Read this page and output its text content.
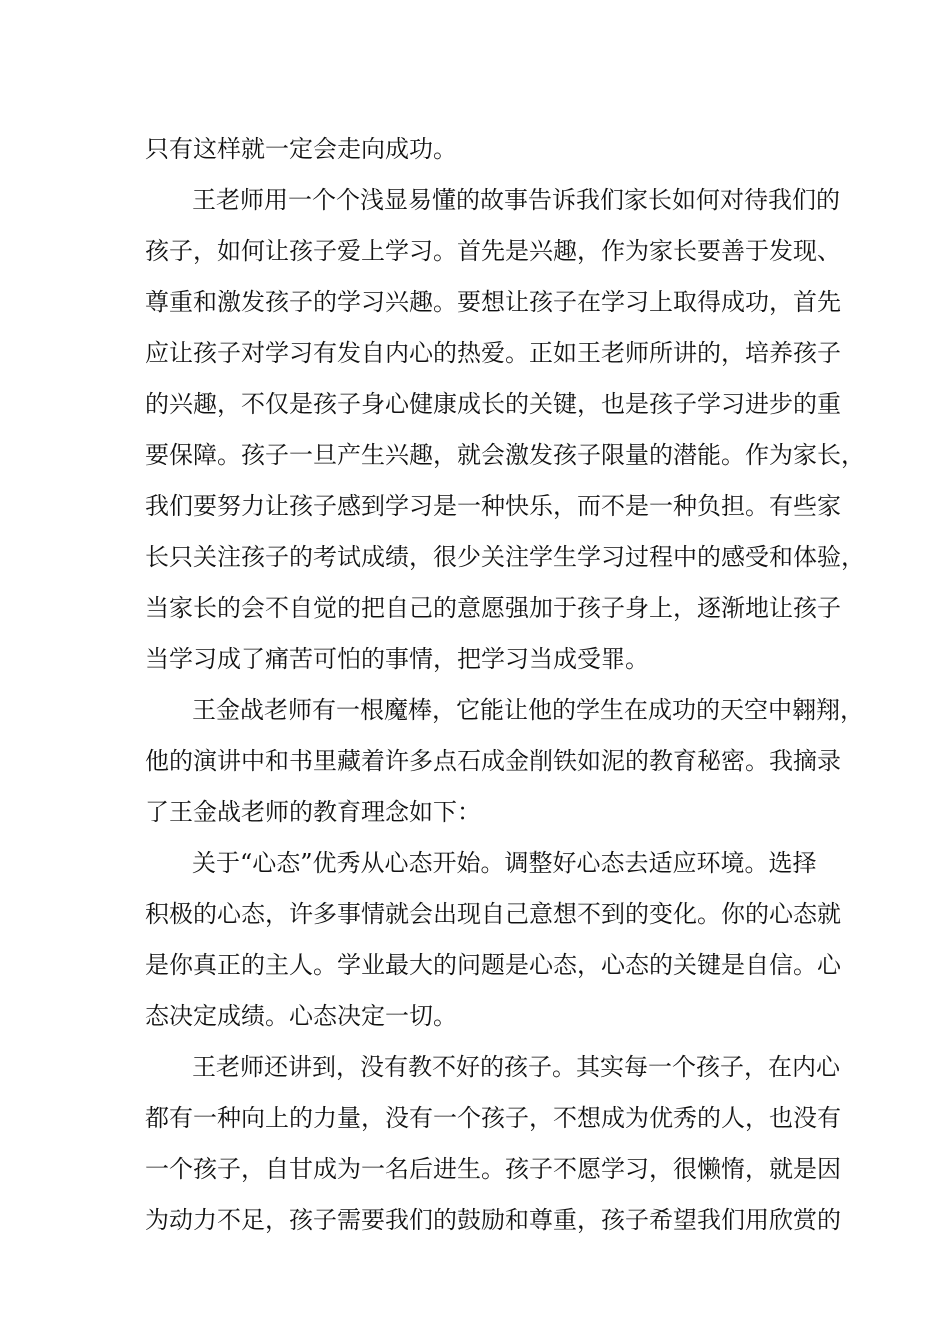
只有这样就一定会走向成功。
王老师用一个个浅显易懂的故事告诉我们家长如何对待我们的
孩子，如何让孩子爱上学习。首先是兴趣，作为家长要善于发现、
尊重和激发孩子的学习兴趣。要想让孩子在学习上取得成功，首先
应让孩子对学习有发自内心的热爱。正如王老师所讲的，培养孩子
的兴趣，不仅是孩子身心健康成长的关键，也是孩子学习进步的重
要保障。孩子一旦产生兴趣，就会激发孩子限量的潜能。作为家长，
我们要努力让孩子感到学习是一种快乐，而不是一种负担。有些家
长只关注孩子的考试成绩，很少关注学生学习过程中的感受和体验，
当家长的会不自觉的把自己的意愿强加于孩子身上，逐渐地让孩子
当学习成了痛苦可怕的事情，把学习当成受罪。
王金战老师有一根魔棒，它能让他的学生在成功的天空中翱翔，
他的演讲中和书里藏着许多点石成金削铁如泥的教育秘密。我摘录
了王金战老师的教育理念如下：
关于“心态”优秀从心态开始。调整好心态去适应环境。选择
积极的心态，许多事情就会出现自己意想不到的变化。你的心态就
是你真正的主人。学业最大的问题是心态，心态的关键是自信。心
态决定成绩。心态决定一切。
王老师还讲到，没有教不好的孩子。其实每一个孩子，在内心
都有一种向上的力量，没有一个孩子，不想成为优秀的人，也没有
一个孩子，自甘成为一名后进生。孩子不愿学习，很懒惰，就是因
为动力不足，孩子需要我们的鼓励和尊重，孩子希望我们用欣赏的
